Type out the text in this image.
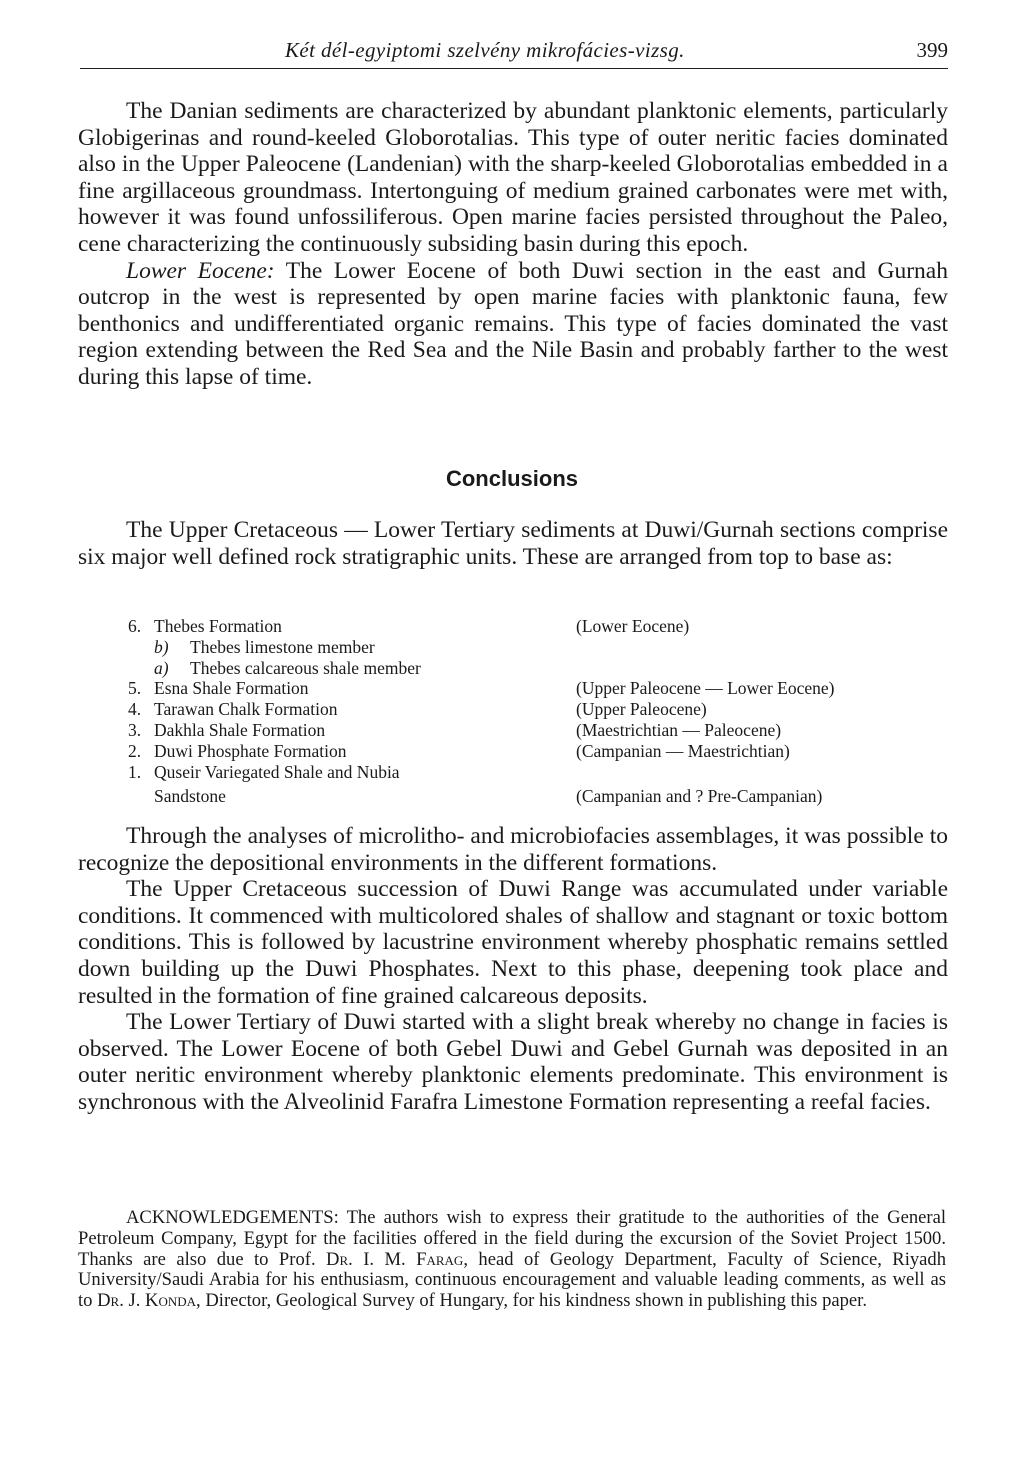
Két dél-egyiptomi szelvény mikrofácies-vizsg.	399

The Danian sediments are characterized by abundant planktonic elements, particularly Globigerinas and round-keeled Globorotalias. This type of outer neritic facies dominated also in the Upper Paleocene (Landenian) with the sharp-keeled Globorotalias embedded in a fine argillaceous groundmass. Intertonguing of medium grained carbonates were met with, however it was found unfossiliferous. Open marine facies persisted throughout the Paleo, cene characterizing the continuously subsiding basin during this epoch.

Lower Eocene: The Lower Eocene of both Duwi section in the east and Gurnah outcrop in the west is represented by open marine facies with planktonic fauna, few benthonics and undifferentiated organic remains. This type of facies dominated the vast region extending between the Red Sea and the Nile Basin and probably farther to the west during this lapse of time.

Conclusions

The Upper Cretaceous — Lower Tertiary sediments at Duwi/Gurnah sections comprise six major well defined rock stratigraphic units. These are arranged from top to base as:

6. Thebes Formation	(Lower Eocene)
b)	Thebes limestone member
a)	Thebes calcareous shale member
5. Esna Shale Formation	(Upper Paleocene — Lower Eocene)
4. Tarawan Chalk Formation	(Upper Paleocene)
3. Dakhla Shale Formation	(Maestrichtian — Paleocene)
2. Duwi Phosphate Formation	(Campanian — Maestrichtian)
1. Quseir Variegated Shale and Nubia
Sandstone	(Campanian and ? Pre-Campanian)

Through the analyses of microlitho- and microbiofacies assemblages, it was possible to recognize the depositional environments in the different formations.

The Upper Cretaceous succession of Duwi Range was accumulated under variable conditions. It commenced with multicolored shales of shallow and stagnant or toxic bottom conditions. This is followed by lacustrine environment whereby phosphatic remains settled down building up the Duwi Phosphates. Next to this phase, deepening took place and resulted in the formation of fine grained calcareous deposits.

The Lower Tertiary of Duwi started with a slight break whereby no change in facies is observed. The Lower Eocene of both Gebel Duwi and Gebel Gurnah was deposited in an outer neritic environment whereby planktonic elements predominate. This environment is synchronous with the Alveolinid Farafra Limestone Formation representing a reefal facies.

ACKNOWLEDGEMENTS: The authors wish to express their gratitude to the authorities of the General Petroleum Company, Egypt for the facilities offered in the field during the excursion of the Soviet Project 1500. Thanks are also due to Prof. Dr. I. M. Farag, head of Geology Department, Faculty of Science, Riyadh University/Saudi Arabia for his enthusiasm, continuous encouragement and valuable leading comments, as well as to Dr. J. Konda, Director, Geological Survey of Hungary, for his kindness shown in publishing this paper.
